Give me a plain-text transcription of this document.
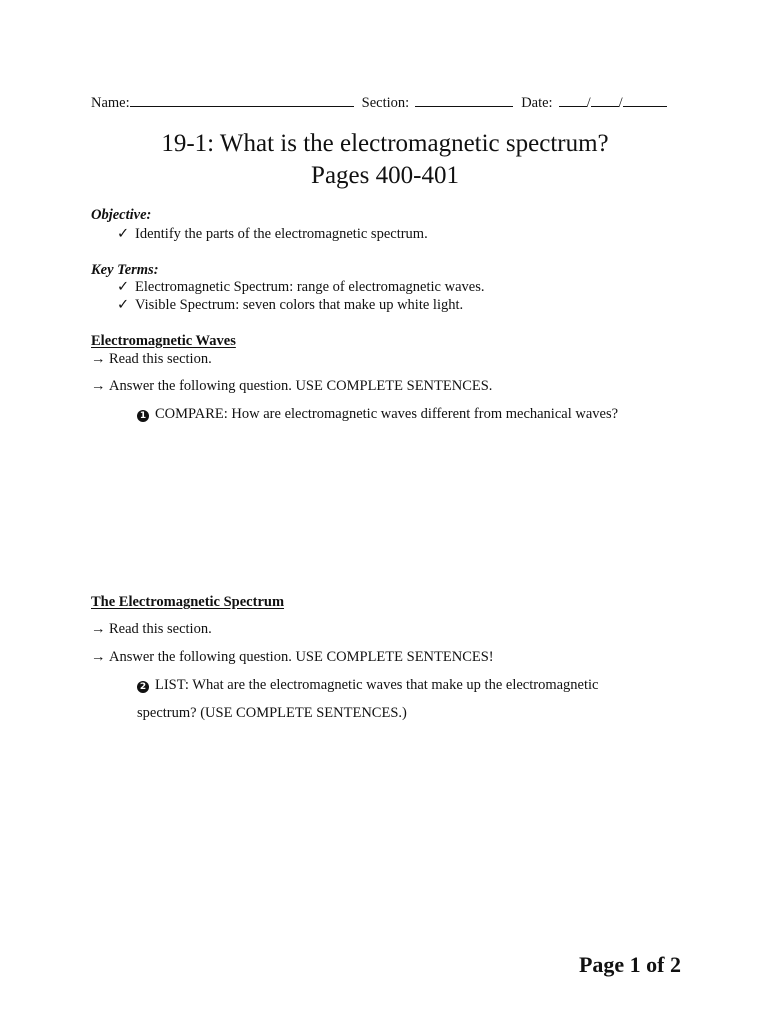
Name:	Section:	Date: / /
19-1: What is the electromagnetic spectrum?
Pages 400-401
Objective:
✓ Identify the parts of the electromagnetic spectrum.
Key Terms:
✓ Electromagnetic Spectrum: range of electromagnetic waves.
✓ Visible Spectrum: seven colors that make up white light.
Electromagnetic Waves
→ Read this section.
→ Answer the following question. USE COMPLETE SENTENCES.
1 COMPARE: How are electromagnetic waves different from mechanical waves?
The Electromagnetic Spectrum
→ Read this section.
→ Answer the following question. USE COMPLETE SENTENCES!
2 LIST: What are the electromagnetic waves that make up the electromagnetic
spectrum? (USE COMPLETE SENTENCES.)
Page 1 of 2
